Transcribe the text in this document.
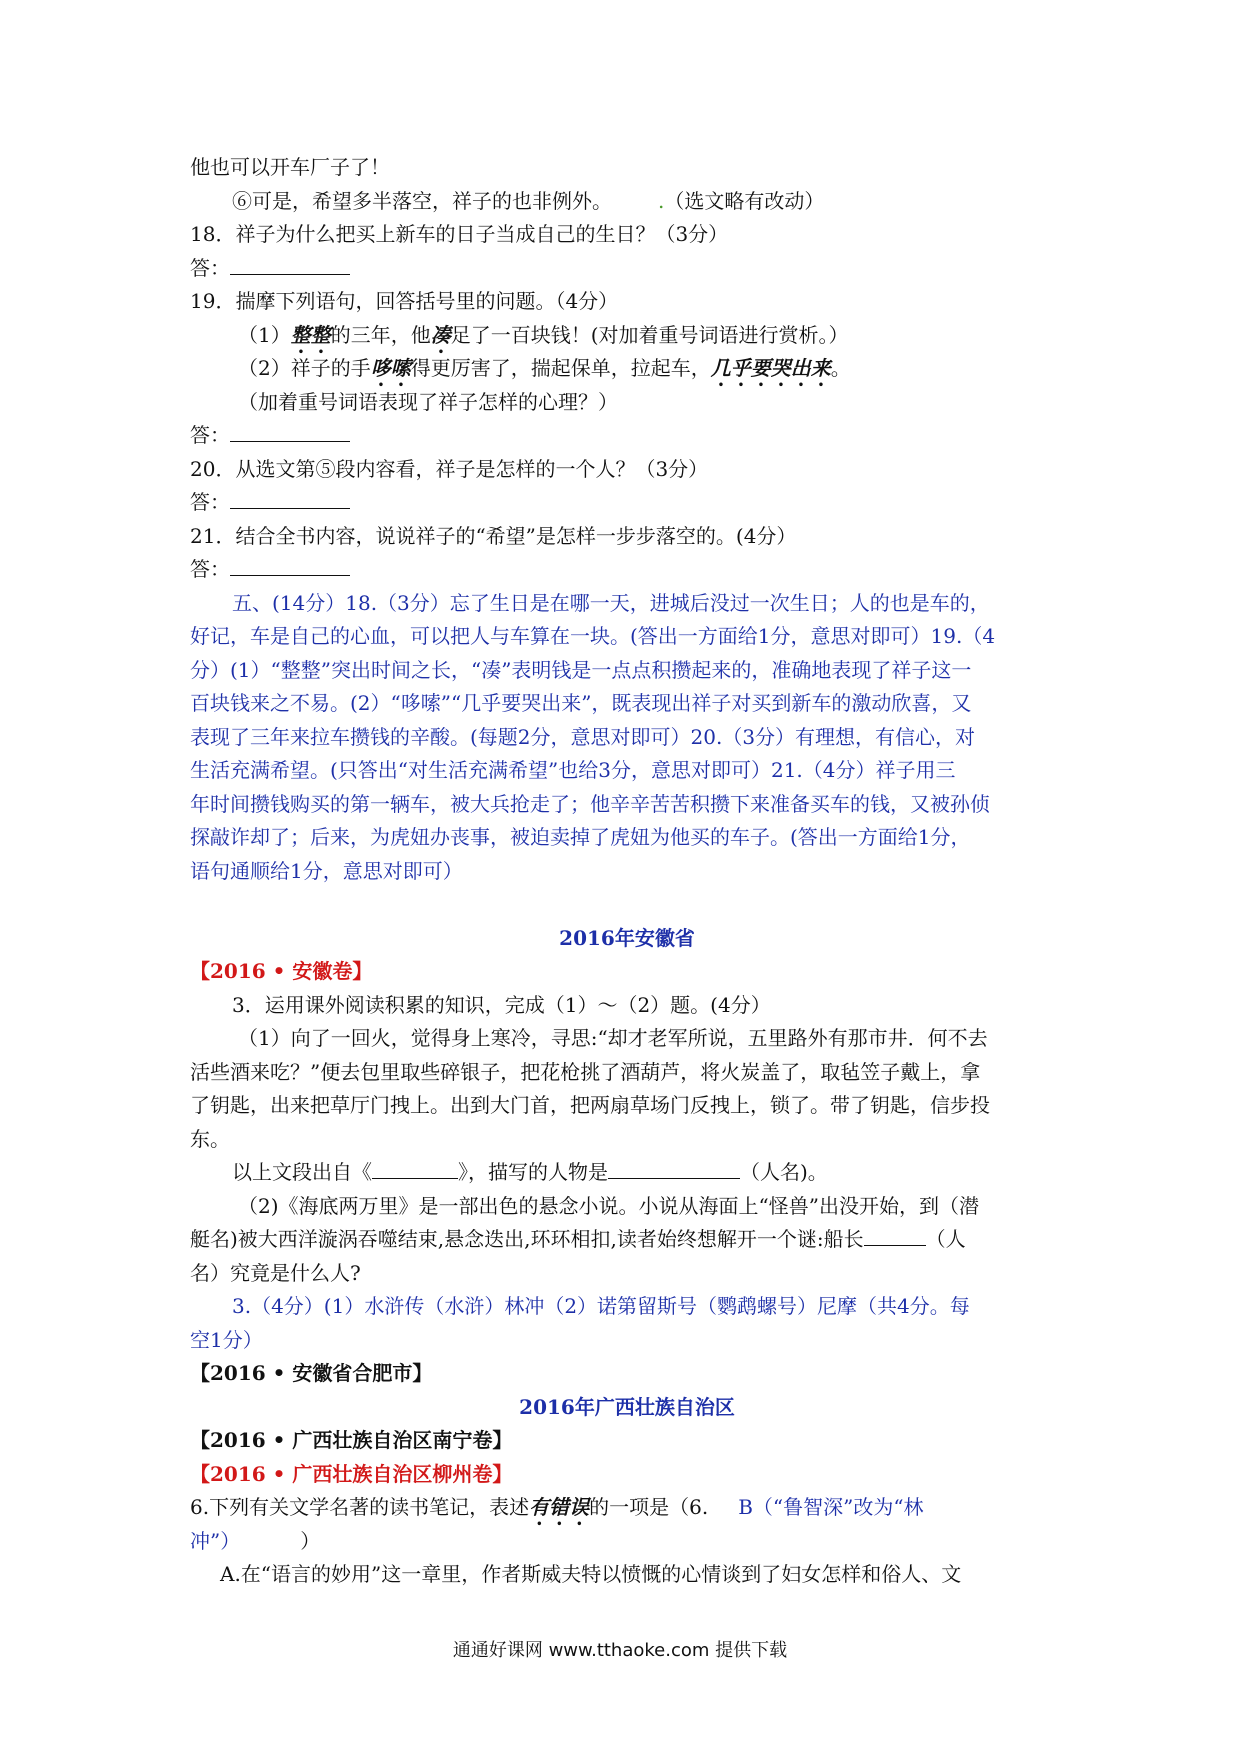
他也可以开车厂子了！
⑥可是，希望多半落空，祥子的也非例外。 .（选文略有改动）
18．祥子为什么把买上新车的日子当成自己的生日？（3分）
答：
19．揣摩下列语句，回答括号里的问题。（4分）
（1）整整的三年，他凑足了一百块钱！(对加着重号词语进行赏析。）
（2）祥子的手哆嗦得更厉害了，揣起保单，拉起车，几乎要哭出来。
（加着重号词语表现了祥子怎样的心理？）
答：
20．从选文第⑤段内容看，祥子是怎样的一个人？（3分）
答：
21．结合全书内容，说说祥子的“希望”是怎样一步步落空的。(4分）
答：
五、(14分）18.（3分）忘了生日是在哪一天，进城后没过一次生日；人的也是车的，
好记，车是自己的心血，可以把人与车算在一块。(答出一方面给1分，意思对即可）19.（4
分）(1）“整整”突出时间之长，“凑”表明钱是一点点积攒起来的，准确地表现了祥子这一
百块钱来之不易。(2）“哆嗦”“几乎要哭出来”，既表现出祥子对买到新车的激动欣喜，又
表现了三年来拉车攒钱的辛酸。(每题2分，意思对即可）20.（3分）有理想，有信心，对
生活充满希望。(只答出“对生活充满希望”也给3分，意思对即可）21.（4分）祥子用三
年时间攒钱购买的第一辆车，被大兵抢走了；他辛辛苦苦积攒下来准备买车的钱，又被孙侦
探敲诈却了；后来，为虎妞办丧事，被迫卖掉了虎妞为他买的车子。(答出一方面给1分，
语句通顺给1分，意思对即可）
2016年安徽省
【2016 • 安徽卷】
3．运用课外阅读积累的知识，完成（1）～（2）题。(4分）
（1）向了一回火，觉得身上寒冷，寻思:“却才老军所说，五里路外有那市井．何不去
活些酒来吃？”便去包里取些碎银子，把花枪挑了酒葫芦，将火炭盖了，取毡笠子戴上，拿
了钥匙，出来把草厅门拽上。出到大门首，把两扇草场门反拽上，锁了。带了钥匙，信步投
东。
以上文段出自《	》，描写的人物是	（人名)。
（2)《海底两万里》是一部出色的悬念小说。小说从海面上“怪兽”出没开始，到（潜
艇名)被大西洋漩涡吞噬结束,悬念迭出,环环相扣,读者始终想解开一个谜:船长	（人
名）究竟是什么人?
3.（4分）(1）水浒传（水浒）林冲（2）诺第留斯号（鹦鹉螺号）尼摩（共4分。每
空1分）
【2016 • 安徽省合肥市】
2016年广西壮族自治区
【2016 • 广西壮族自治区南宁卷】
【2016 • 广西壮族自治区柳州卷】
6.下列有关文学名著的读书笔记，表述有错误的一项是（6. B（“鲁智深”改为“林
冲”）	）
A.在“语言的妙用”这一章里，作者斯威夫特以愤慨的心情谈到了妇女怎样和俗人、文
通通好课网 www.tthaoke.com 提供下载
